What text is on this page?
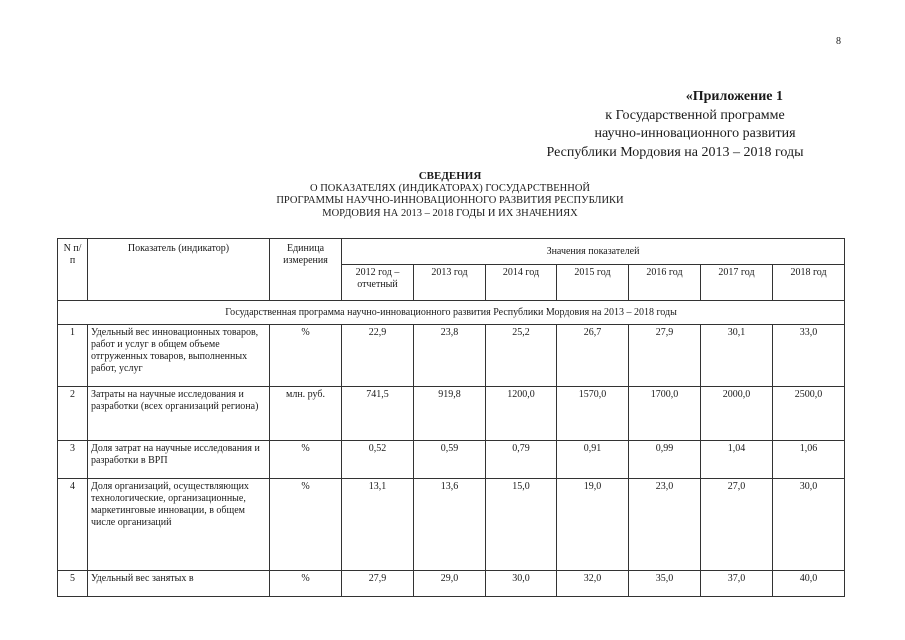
8
«Приложение 1
к Государственной программе
научно-инновационного развития
Республики Мордовия на 2013 – 2018 годы
СВЕДЕНИЯ
О ПОКАЗАТЕЛЯХ (ИНДИКАТОРАХ) ГОСУДАРСТВЕННОЙ
ПРОГРАММЫ НАУЧНО-ИННОВАЦИОННОГО РАЗВИТИЯ РЕСПУБЛИКИ
МОРДОВИЯ НА 2013 – 2018 ГОДЫ И ИХ ЗНАЧЕНИЯХ
N п/п	Показатель (индикатор)	Единица измерения	Значения показателей						
			2012 год – отчетный	2013 год	2014 год	2015 год	2016 год	2017 год	2018 год
Государственная программа научно-инновационного развития Республики Мордовия на 2013 – 2018 годы									
1	Удельный вес инновационных товаров, работ и услуг в общем объеме отгруженных товаров, выполненных работ, услуг	%	22,9	23,8	25,2	26,7	27,9	30,1	33,0
2	Затраты на научные исследования и разработки (всех организаций региона)	млн. руб.	741,5	919,8	1200,0	1570,0	1700,0	2000,0	2500,0
3	Доля затрат на научные исследования и разработки в ВРП	%	0,52	0,59	0,79	0,91	0,99	1,04	1,06
4	Доля организаций, осуществляющих технологические, организационные, маркетинговые инновации, в общем числе организаций	%	13,1	13,6	15,0	19,0	23,0	27,0	30,0
5	Удельный вес занятых в	%	27,9	29,0	30,0	32,0	35,0	37,0	40,0
